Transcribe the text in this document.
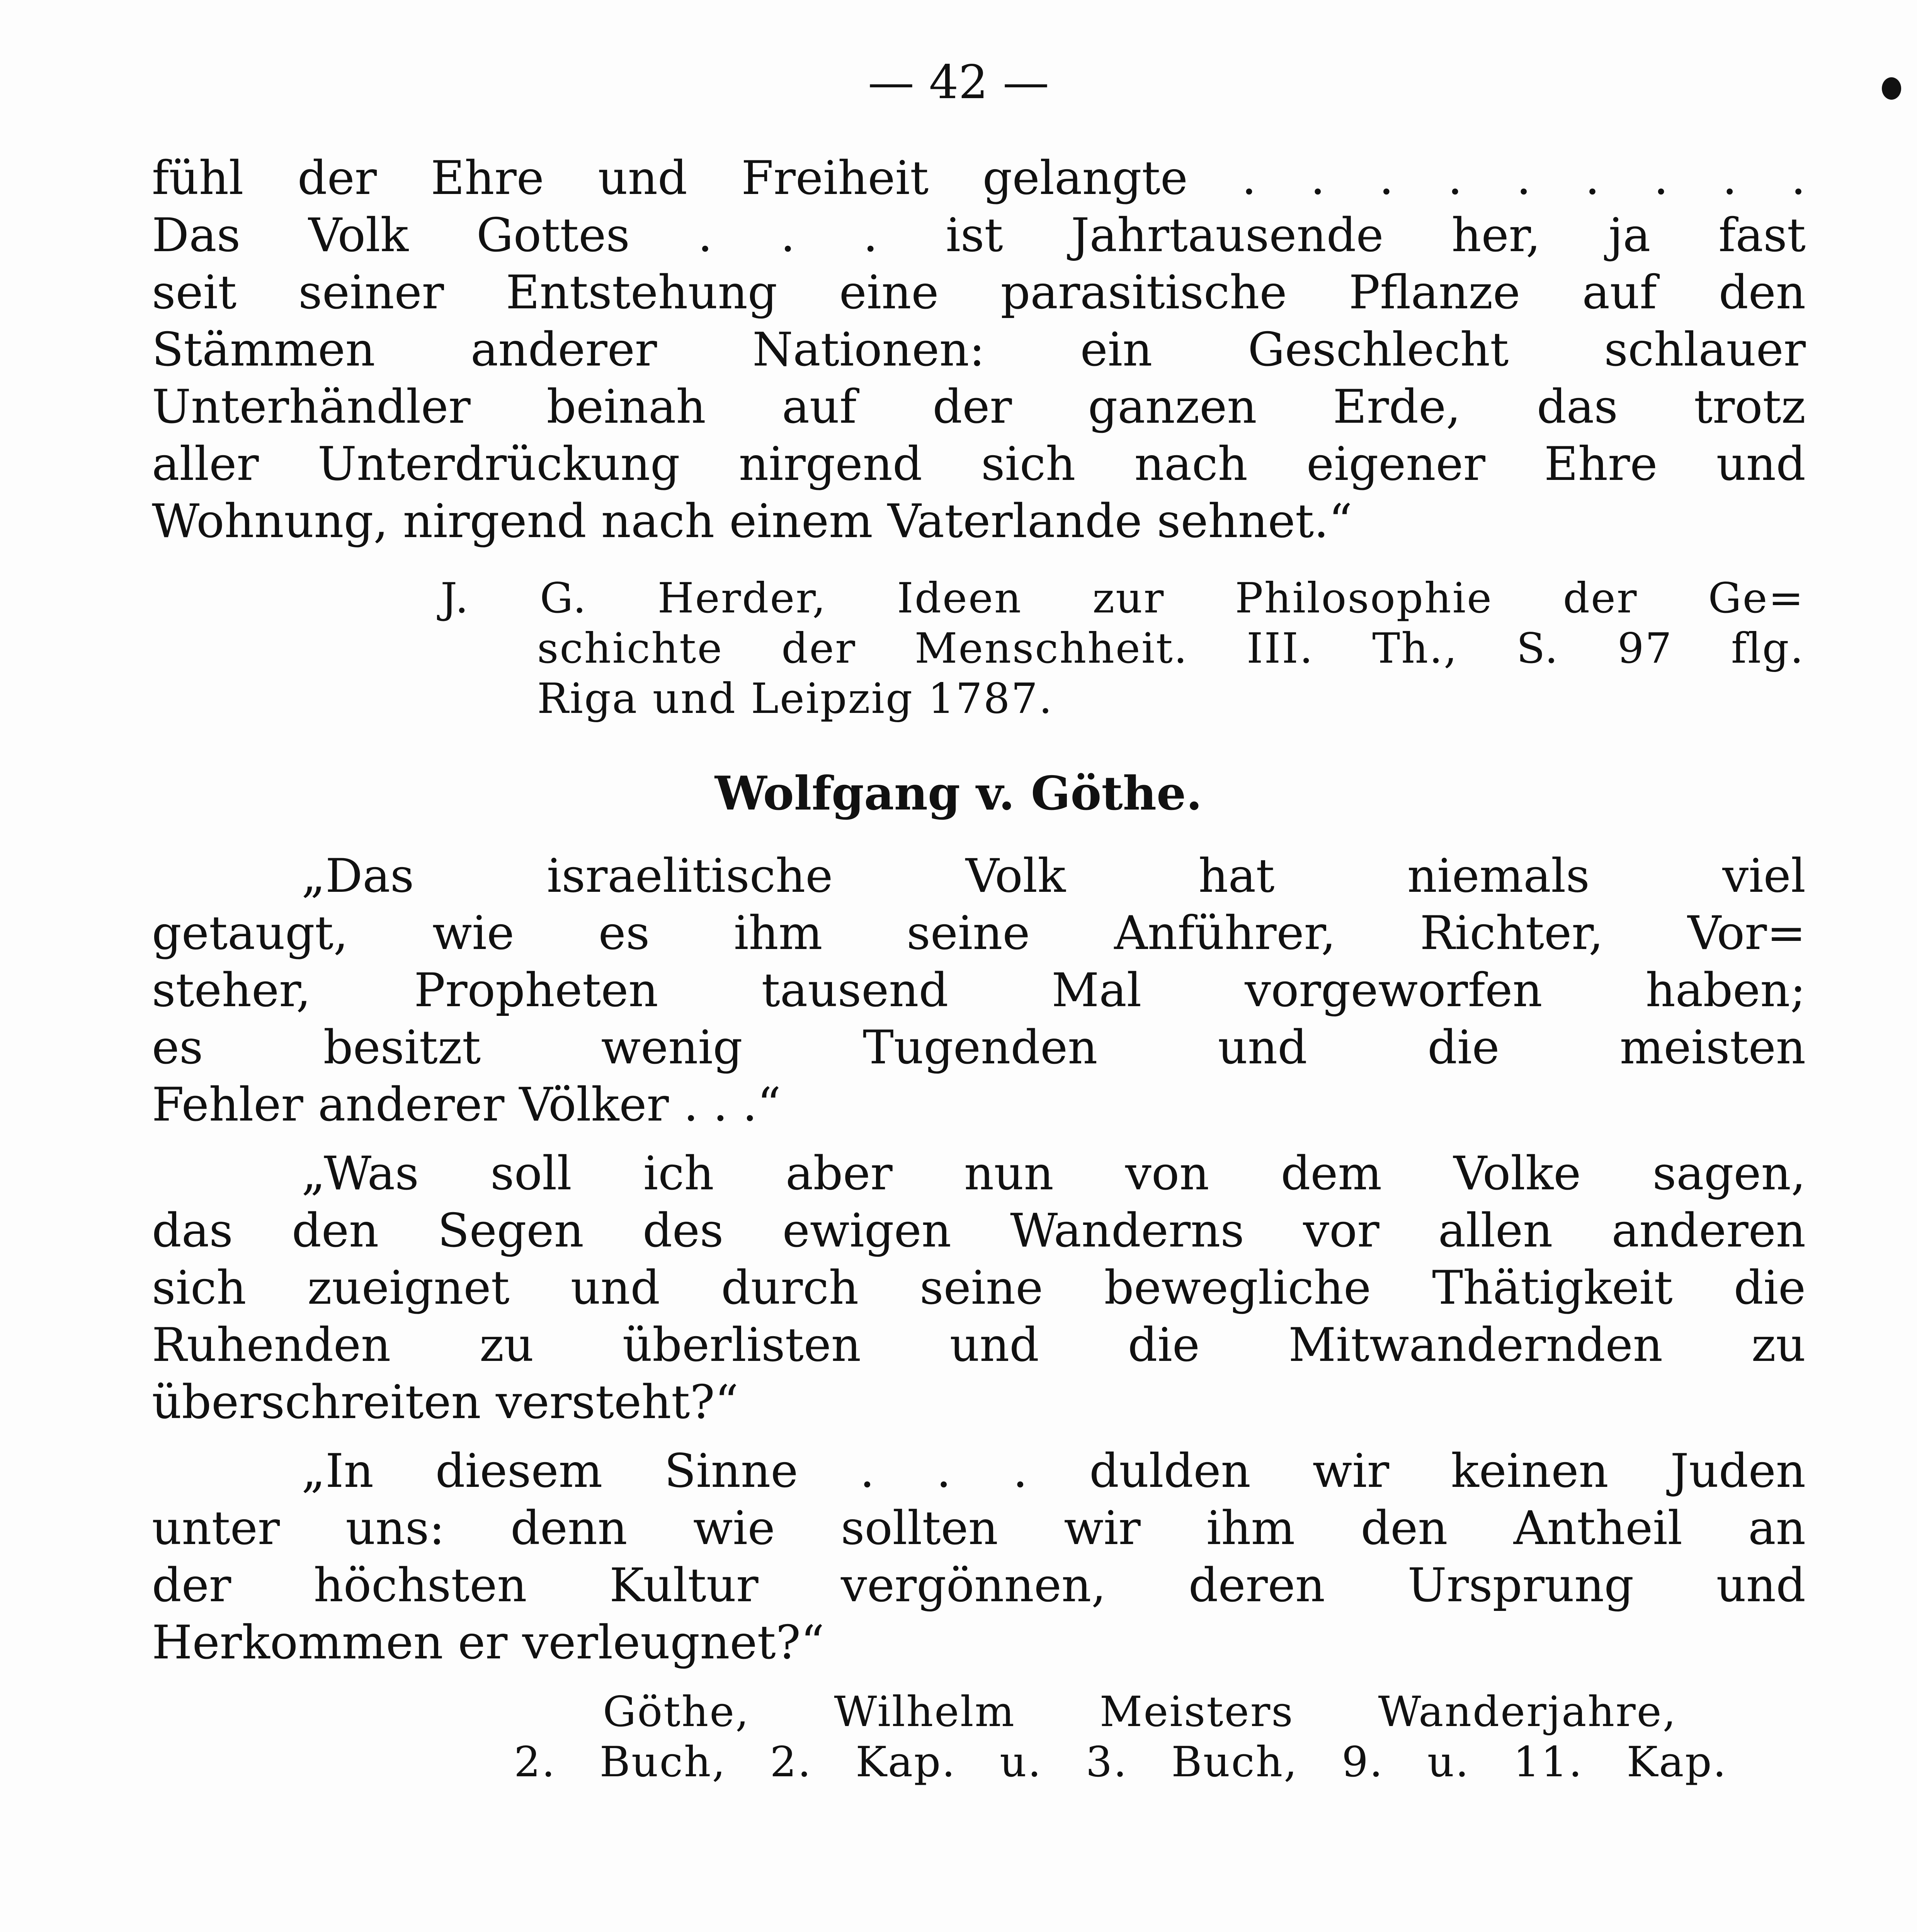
— 42 —
fühl der Ehre und Freiheit gelangte . . . . . . . . .
Das Volk Gottes . . . ist Jahrtausende her, ja fast
seit seiner Entstehung eine parasitische Pflanze auf den
Stämmen anderer Nationen: ein Geschlecht schlauer
Unterhändler beinah auf der ganzen Erde, das trotz
aller Unterdrückung nirgend sich nach eigener Ehre und
Wohnung, nirgend nach einem Vaterlande sehnet.“
J. G. Herder, Ideen zur Philosophie der Ge=
schichte der Menschheit. III. Th., S. 97 flg.
Riga und Leipzig 1787.
Wolfgang v. Göthe.
„Das israelitische Volk hat niemals viel
getaugt, wie es ihm seine Anführer, Richter, Vor=
steher, Propheten tausend Mal vorgeworfen haben;
es besitzt wenig Tugenden und die meisten
Fehler anderer Völker . . .“
„Was soll ich aber nun von dem Volke sagen,
das den Segen des ewigen Wanderns vor allen anderen
sich zueignet und durch seine bewegliche Thätigkeit die
Ruhenden zu überlisten und die Mitwandernden zu
überschreiten versteht?“
„In diesem Sinne . . . dulden wir keinen Juden
unter uns: denn wie sollten wir ihm den Antheil an
der höchsten Kultur vergönnen, deren Ursprung und
Herkommen er verleugnet?“
Göthe, Wilhelm Meisters Wanderjahre,
2. Buch, 2. Kap. u. 3. Buch, 9. u. 11. Kap.
